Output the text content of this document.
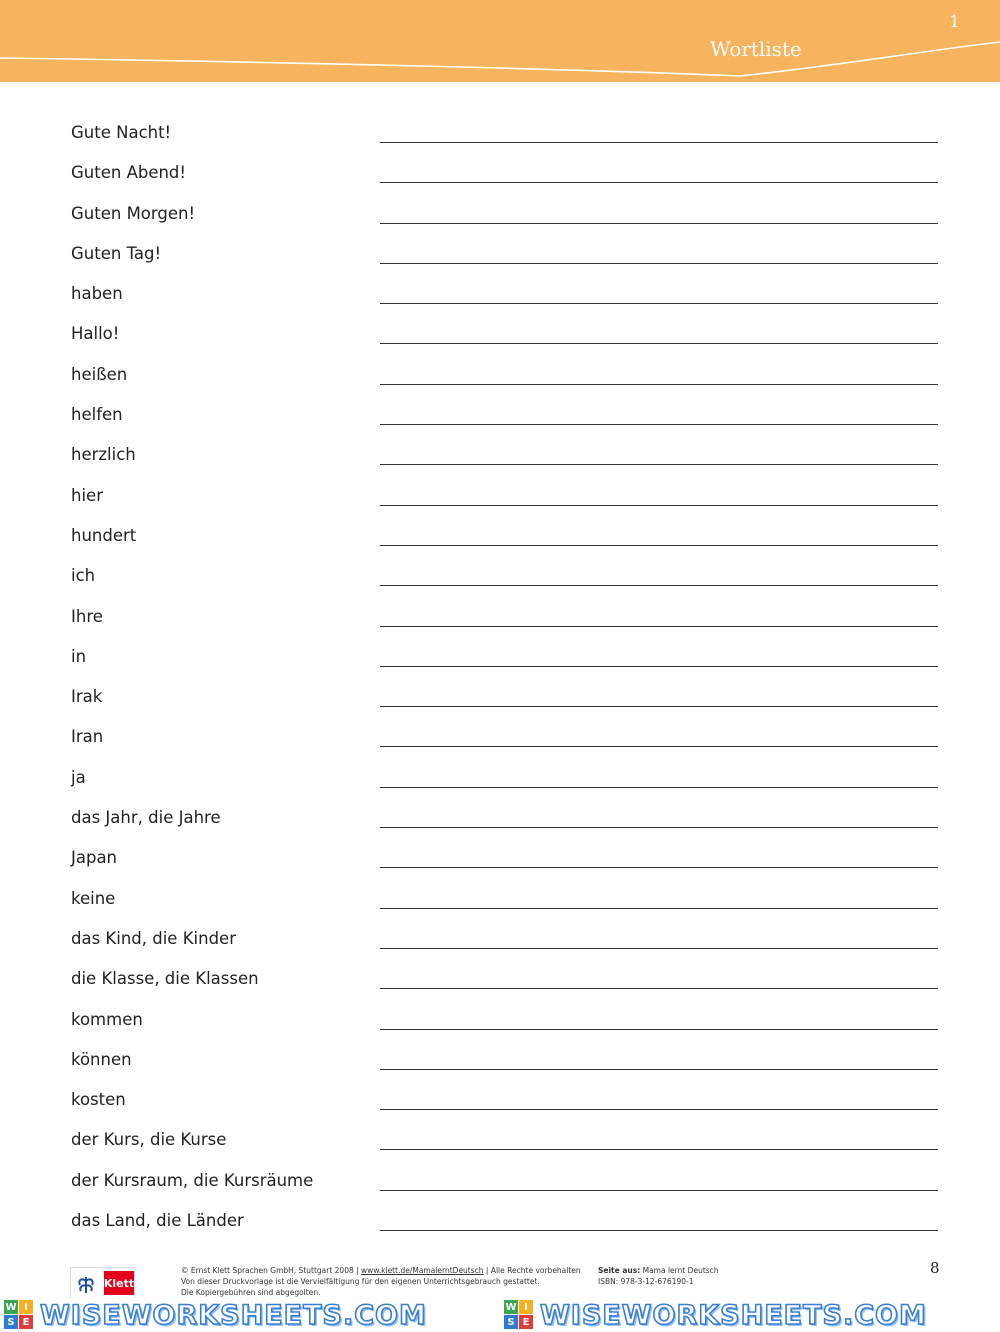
1
Wortliste
Gute Nacht!
Guten Abend!
Guten Morgen!
Guten Tag!
haben
Hallo!
heißen
helfen
herzlich
hier
hundert
ich
Ihre
in
Irak
Iran
ja
das Jahr, die Jahre
Japan
keine
das Kind, die Kinder
die Klasse, die Klassen
kommen
können
kosten
der Kurs, die Kurse
der Kursraum, die Kursräume
das Land, die Länder
Klett
© Ernst Klett Sprachen GmbH, Stuttgart 2008 | www.klett.de/MamalerntDeutsch | Alle Rechte vorbehalten
Von dieser Druckvorlage ist die Vervielfältigung für den eigenen Unterrichtsgebrauch gestattet.
Die Kopiergebühren sind abgegolten.
Seite aus: Mama lernt Deutsch
ISBN: 978-3-12-676190-1
8
W I
S E WISEWORKSHEETS.COM	W I
S E WISEWORKSHEETS.COM
